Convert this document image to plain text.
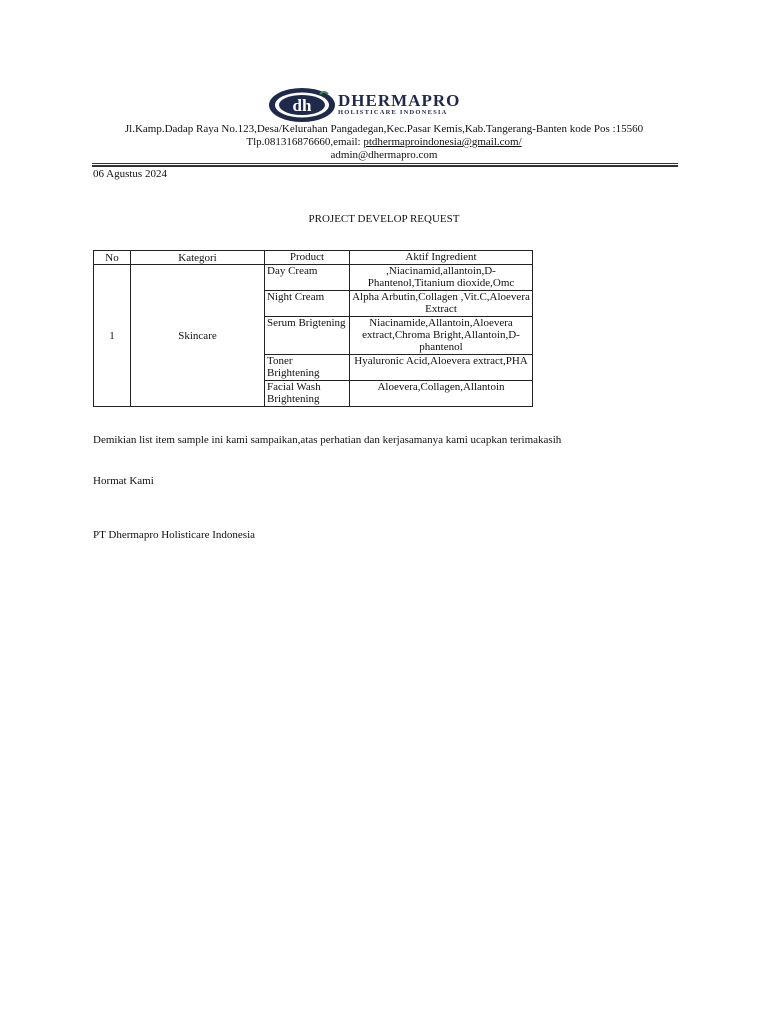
dh DHERMAPRO
HOLISTICARE INDONESIA
Jl.Kamp.Dadap Raya No.123,Desa/Kelurahan Pangadegan,Kec.Pasar Kemis,Kab.Tangerang-Banten kode Pos :15560
Tlp.081316876660,email: ptdhermaproindonesia@gmail.com/
admin@dhermapro.com
06 Agustus 2024
PROJECT DEVELOP REQUEST
No	Kategori	Product	Aktif Ingredient
1	Skincare	Day Cream	,Niacinamid,allantoin,D-Phantenol,Titanium dioxide,Omc
		Night Cream	Alpha Arbutin,Collagen ,Vit.C,Aloevera Extract
		Serum Brigtening	Niacinamide,Allantoin,Aloevera extract,Chroma Bright,Allantoin,D-phantenol
		Toner Brightening	Hyaluronic Acid,Aloevera extract,PHA
		Facial Wash Brightening	Aloevera,Collagen,Allantoin
Demikian list item sample ini kami sampaikan,atas perhatian dan kerjasamanya kami ucapkan terimakasih
Hormat Kami
PT Dhermapro Holisticare Indonesia
